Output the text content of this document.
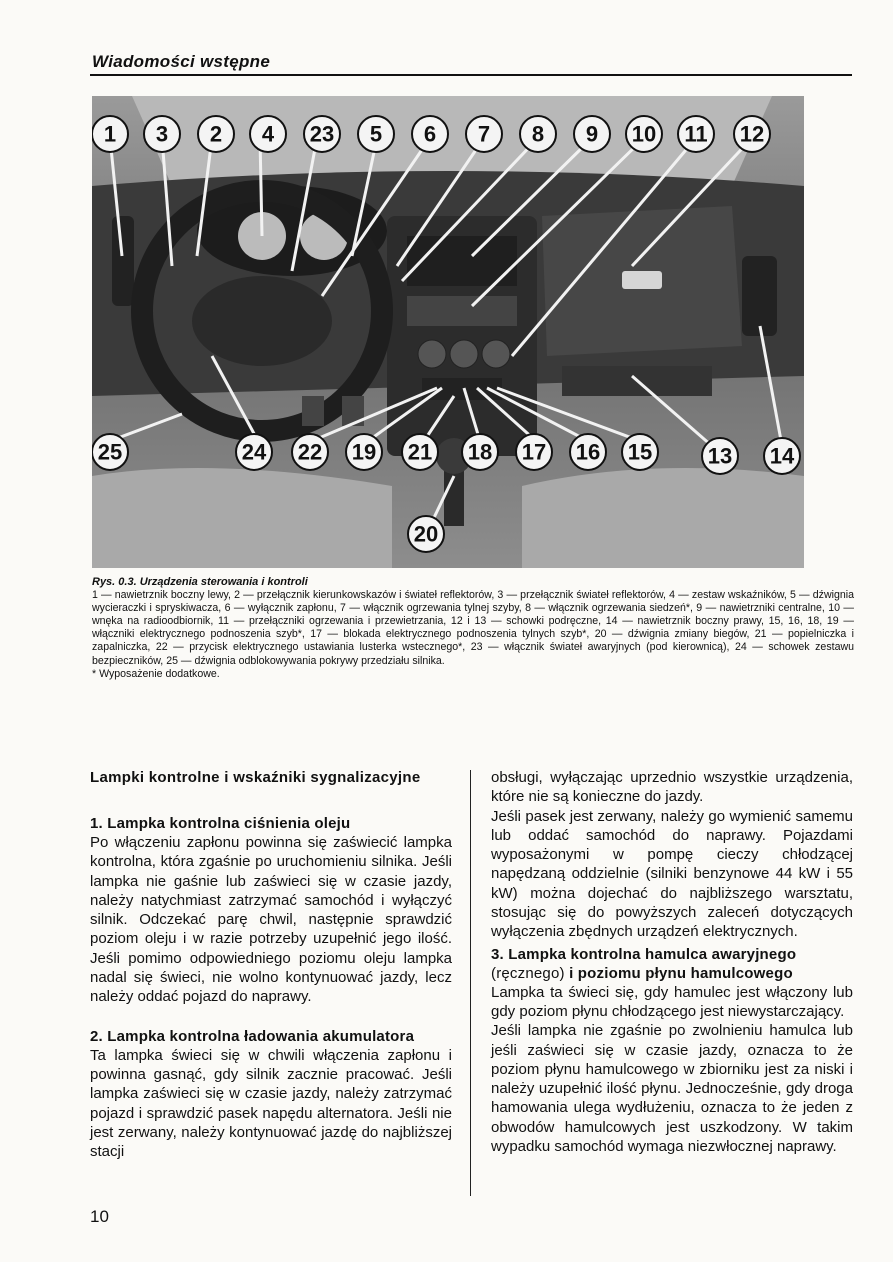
Wiadomości wstępne
1 3 2 4 23 5 6 7 8 9 10 11 12
25	24 22 19 21 18 17 16 15	13 14
20

Rys. 0.3. Urządzenia sterowania i kontroli

1 — nawietrznik boczny lewy, 2 — przełącznik kierunkowskazów i świateł reflektorów, 3 — przełącznik świateł reflektorów, 4 — zestaw wskaźników, 5 — dźwignia wycieraczki i spryskiwacza, 6 — wyłącznik zapłonu, 7 — włącznik ogrzewania tylnej szyby, 8 — włącznik ogrzewania siedzeń*, 9 — nawietrzniki centralne, 10 — wnęka na radioodbiornik, 11 — przełączniki ogrzewania i przewietrzania, 12 i 13 — schowki podręczne, 14 — nawietrznik boczny prawy, 15, 16, 18, 19 — włączniki elektrycznego podnoszenia szyb*, 17 — blokada elektrycznego podnoszenia tylnych szyb*, 20 — dźwignia zmiany biegów, 21 — popielniczka i zapalniczka, 22 — przycisk elektrycznego ustawiania lusterka wstecznego*, 23 — włącznik świateł awaryjnych (pod kierownicą), 24 — schowek zestawu bezpieczników, 25 — dźwignia odblokowywania pokrywy przedziału silnika.

* Wyposażenie dodatkowe.

Lampki kontrolne i wskaźniki sygnalizacyjne
1. Lampka kontrolna ciśnienia oleju

Po włączeniu zapłonu powinna się zaświecić lampka kontrolna, która zgaśnie po uruchomieniu silnika. Jeśli lampka nie gaśnie lub zaświeci się w czasie jazdy, należy natychmiast zatrzymać samochód i wyłączyć silnik. Odczekać parę chwil, następnie sprawdzić poziom oleju i w razie potrzeby uzupełnić jego ilość. Jeśli pomimo odpowiedniego poziomu oleju lampka nadal się świeci, nie wolno kontynuować jazdy, lecz należy oddać pojazd do naprawy.

2. Lampka kontrolna ładowania akumulatora

Ta lampka świeci się w chwili włączenia zapłonu i powinna gasnąć, gdy silnik zacznie pracować. Jeśli lampka zaświeci się w czasie jazdy, należy zatrzymać pojazd i sprawdzić pasek napędu alternatora. Jeśli nie jest zerwany, należy kontynuować jazdę do najbliższej stacji

obsługi, wyłączając uprzednio wszystkie urządzenia, które nie są konieczne do jazdy.

Jeśli pasek jest zerwany, należy go wymienić samemu lub oddać samochód do naprawy. Pojazdami wyposażonymi w pompę cieczy chłodzącej napędzaną oddzielnie (silniki benzynowe 44 kW i 55 kW) można dojechać do najbliższego warsztatu, stosując się do powyższych zaleceń dotyczących wyłączenia zbędnych urządzeń elektrycznych.

3. Lampka kontrolna hamulca awaryjnego (ręcznego) i poziomu płynu hamulcowego

Lampka ta świeci się, gdy hamulec jest włączony lub gdy poziom płynu chłodzącego jest niewystarczający.

Jeśli lampka nie zgaśnie po zwolnieniu hamulca lub jeśli zaświeci się w czasie jazdy, oznacza to że poziom płynu hamulcowego w zbiorniku jest za niski i należy uzupełnić ilość płynu. Jednocześnie, gdy droga hamowania ulega wydłużeniu, oznacza to że jeden z obwodów hamulcowych jest uszkodzony. W takim wypadku samochód wymaga niezwłocznej naprawy.

10
